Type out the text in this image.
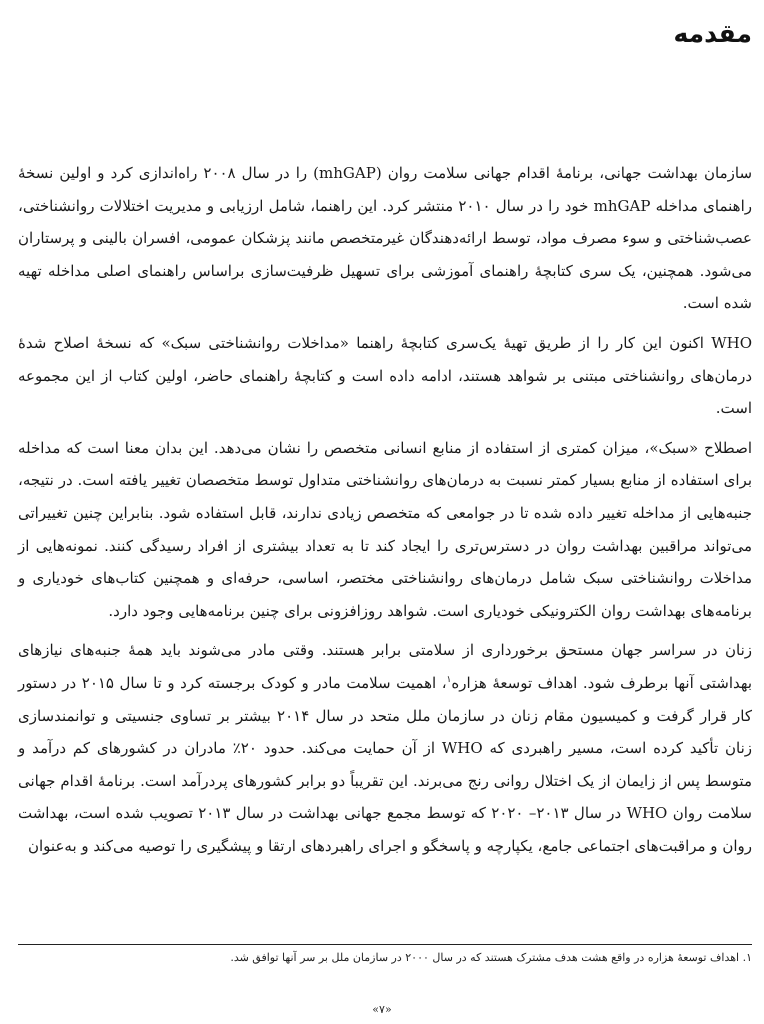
مقدمه

سازمان بهداشت جهانی، برنامهٔ اقدام جهانی سلامت روان (mhGAP) را در سال ۲۰۰۸ راه‌اندازی کرد و اولین نسخهٔ راهنمای مداخله mhGAP خود را در سال ۲۰۱۰ منتشر کرد. این راهنما، شامل ارزیابی و مدیریت اختلالات روانشناختی، عصب‌شناختی و سوء مصرف مواد، توسط ارائه‌دهندگان غیرمتخصص مانند پزشکان عمومی، افسران بالینی و پرستاران می‌شود. همچنین، یک سری کتابچهٔ راهنمای آموزشی برای تسهیل ظرفیت‌سازی براساس راهنمای اصلی مداخله تهیه شده است.

WHO اکنون این کار را از طریق تهیهٔ یک‌سری کتابچهٔ راهنما «مداخلات روانشناختی سبک» که نسخهٔ اصلاح شدهٔ درمان‌های روانشناختی مبتنی بر شواهد هستند، ادامه داده است و کتابچهٔ راهنمای حاضر، اولین کتاب از این مجموعه است.

اصطلاح «سبک»، میزان کمتری از استفاده از منابع انسانی متخصص را نشان می‌دهد. این بدان معنا است که مداخله برای استفاده از منابع بسیار کمتر نسبت به درمان‌های روانشناختی متداول توسط متخصصان تغییر یافته است. در نتیجه، جنبه‌هایی از مداخله تغییر داده شده تا در جوامعی که متخصص زیادی ندارند، قابل استفاده شود. بنابراین چنین تغییراتی می‌تواند مراقبین بهداشت روان در دسترس‌تری را ایجاد کند تا به تعداد بیشتری از افراد رسیدگی کنند. نمونه‌هایی از مداخلات روانشناختی سبک شامل درمان‌های روانشناختی مختصر، اساسی، حرفه‌ای و همچنین کتاب‌های خودیاری و برنامه‌های بهداشت روان الکترونیکی خودیاری است. شواهد روزافزونی برای چنین برنامه‌هایی وجود دارد.

زنان در سراسر جهان مستحق برخورداری از سلامتی برابر هستند. وقتی مادر می‌شوند باید همهٔ جنبه‌های نیازهای بهداشتی آنها برطرف شود. اهداف توسعهٔ هزاره$^۱$، اهمیت سلامت مادر و کودک برجسته کرد و تا سال ۲۰۱۵ در دستور کار قرار گرفت و کمیسیون مقام زنان در سازمان ملل متحد در سال ۲۰۱۴ بیشتر بر تساوی جنسیتی و توانمندسازی زنان تأکید کرده است، مسیر راهبردی که WHO از آن حمایت می‌کند. حدود ۲۰٪ مادران در کشورهای کم درآمد و متوسط پس از زایمان از یک اختلال روانی رنج می‌برند. این تقریباً دو برابر کشورهای پردرآمد است. برنامهٔ اقدام جهانی سلامت روان WHO در سال ۲۰۱۳– ۲۰۲۰ که توسط مجمع جهانی بهداشت در سال ۲۰۱۳ تصویب شده است، بهداشت روان و مراقبت‌های اجتماعی جامع، یکپارچه و پاسخگو و اجرای راهبردهای ارتقا و پیشگیری را توصیه می‌کند و به‌عنوان

۱. اهداف توسعهٔ هزاره در واقع هشت هدف مشترک هستند که در سال ۲۰۰۰ در سازمان ملل بر سر آنها توافق شد.

«۷»
